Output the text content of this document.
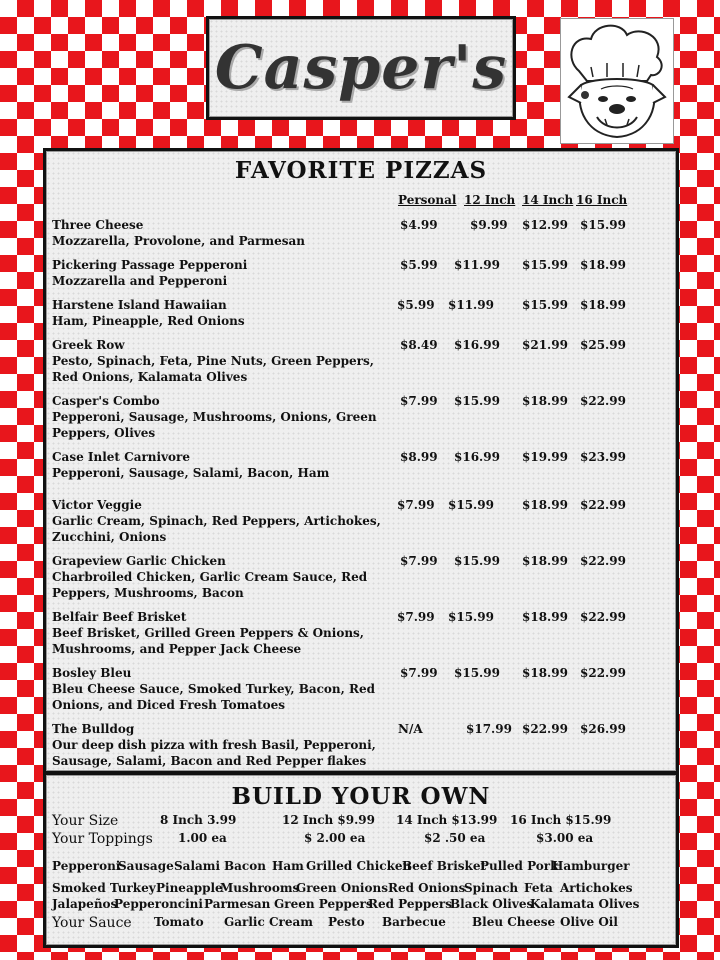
Casper's
FAVORITE PIZZAS
Personal 12 Inch 14 Inch 16 Inch
Three Cheese
Mozzarella, Provolone, and Parmesan
$4.99	$9.99 $12.99 $15.99
Pickering Passage Pepperoni
Mozzarella and Pepperoni
$5.99 $11.99 $15.99 $18.99
Harstene Island Hawaiian
Ham, Pineapple, Red Onions
$5.99 $11.99 $15.99 $18.99
Greek Row
Pesto, Spinach, Feta, Pine Nuts, Green Peppers, Red Onions, Kalamata Olives
$8.49 $16.99 $21.99 $25.99
Casper's Combo
Pepperoni, Sausage, Mushrooms, Onions, Green Peppers, Olives
$7.99 $15.99 $18.99 $22.99
Case Inlet Carnivore
Pepperoni, Sausage, Salami, Bacon, Ham
$8.99 $16.99 $19.99 $23.99
Victor Veggie
Garlic Cream, Spinach, Red Peppers, Artichokes, Zucchini, Onions
$7.99 $15.99 $18.99 $22.99
Grapeview Garlic Chicken
Charbroiled Chicken, Garlic Cream Sauce, Red Peppers, Mushrooms, Bacon
$7.99 $15.99 $18.99 $22.99
Belfair Beef Brisket
Beef Brisket, Grilled Green Peppers & Onions, Mushrooms, and Pepper Jack Cheese
$7.99 $15.99 $18.99 $22.99
Bosley Bleu
Bleu Cheese Sauce, Smoked Turkey, Bacon, Red Onions, and Diced Fresh Tomatoes
$7.99 $15.99 $18.99 $22.99
The Bulldog
Our deep dish pizza with fresh Basil, Pepperoni, Sausage, Salami, Bacon and Red Pepper flakes
N/A	$17.99 $22.99 $26.99
BUILD YOUR OWN
Your Size	8 Inch 3.99	12 Inch $9.99 14 Inch $13.99 16 Inch $15.99
Your Toppings 1.00 ea	$ 2.00 ea	$2 .50 ea	$3.00 ea
Pepperoni
Sausage Salami Bacon Ham Grilled Chicken
Beef Brisket
Pulled Pork
Hamburger
Smoked Turkey Pineapple
Mushrooms
Green Onions Red Onions
Spinach Feta Artichokes
Jalapeños
Pepperoncini Parmesan Green Peppers
Red Peppers
Black Olives
Kalamata Olives
Your Sauce Tomato Garlic Cream Pesto Barbecue Bleu Cheese Olive Oil
